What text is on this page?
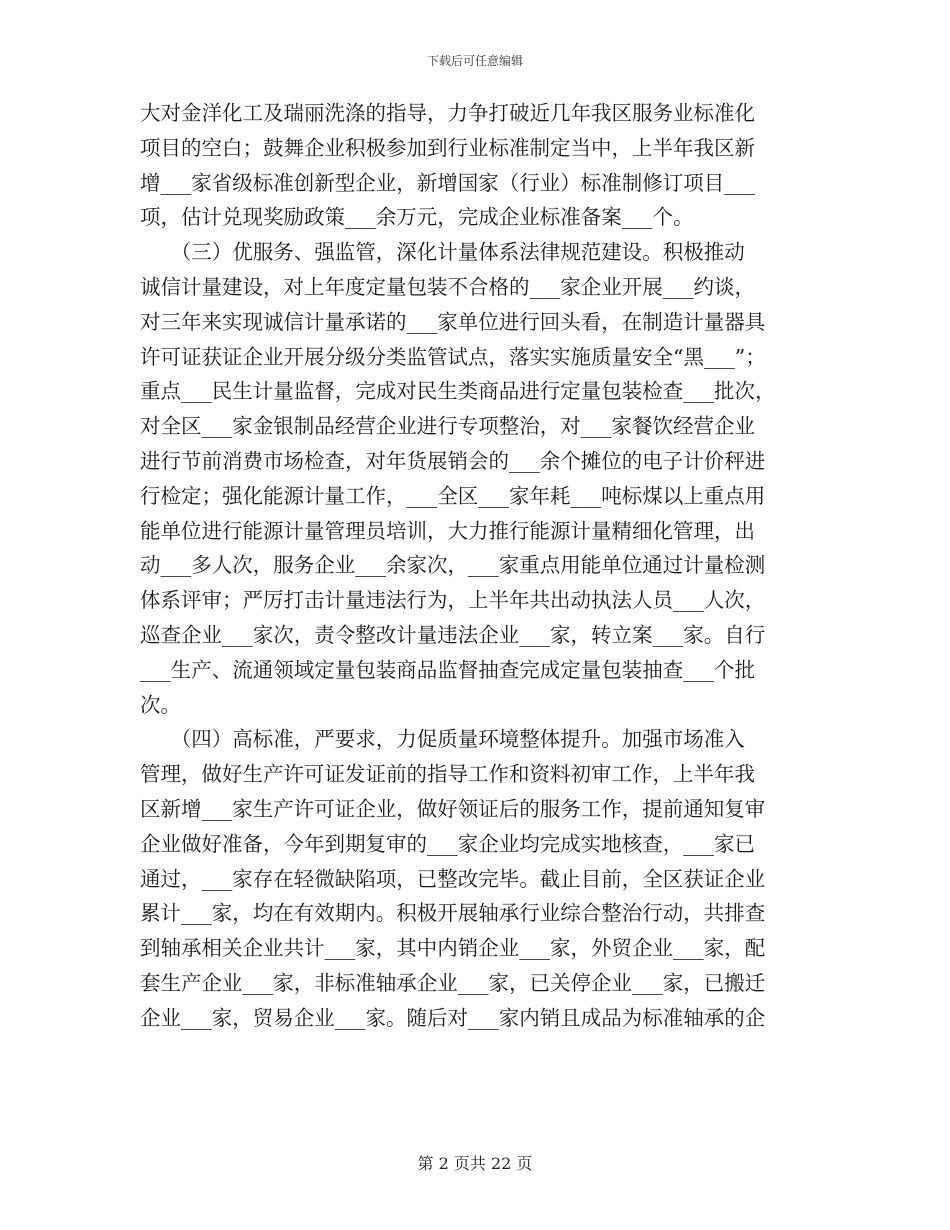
下载后可任意编辑
大对金洋化工及瑞丽洗涤的指导，力争打破近几年我区服务业标准化
项目的空白；鼓舞企业积极参加到行业标准制定当中，上半年我区新
增___家省级标准创新型企业，新增国家（行业）标准制修订项目___
项，估计兑现奖励政策___余万元，完成企业标准备案___个。
　　（三）优服务、强监管，深化计量体系法律规范建设。积极推动
诚信计量建设，对上年度定量包装不合格的___家企业开展___约谈，
对三年来实现诚信计量承诺的___家单位进行回头看，在制造计量器具
许可证获证企业开展分级分类监管试点，落实实施质量安全“黑___”；
重点___民生计量监督，完成对民生类商品进行定量包装检查___批次，
对全区___家金银制品经营企业进行专项整治，对___家餐饮经营企业
进行节前消费市场检查，对年货展销会的___余个摊位的电子计价秤进
行检定；强化能源计量工作，___全区___家年耗___吨标煤以上重点用
能单位进行能源计量管理员培训，大力推行能源计量精细化管理，出
动___多人次，服务企业___余家次，___家重点用能单位通过计量检测
体系评审；严厉打击计量违法行为，上半年共出动执法人员___人次，
巡查企业___家次，责令整改计量违法企业___家，转立案___家。自行
___生产、流通领域定量包装商品监督抽查完成定量包装抽查___个批
次。
　　（四）高标准，严要求，力促质量环境整体提升。加强市场准入
管理，做好生产许可证发证前的指导工作和资料初审工作，上半年我
区新增___家生产许可证企业，做好领证后的服务工作，提前通知复审
企业做好准备，今年到期复审的___家企业均完成实地核查，___家已
通过，___家存在轻微缺陷项，已整改完毕。截止目前，全区获证企业
累计___家，均在有效期内。积极开展轴承行业综合整治行动，共排查
到轴承相关企业共计___家，其中内销企业___家，外贸企业___家，配
套生产企业___家，非标准轴承企业___家，已关停企业___家，已搬迁
企业___家，贸易企业___家。随后对___家内销且成品为标准轴承的企
第 2 页共 22 页
